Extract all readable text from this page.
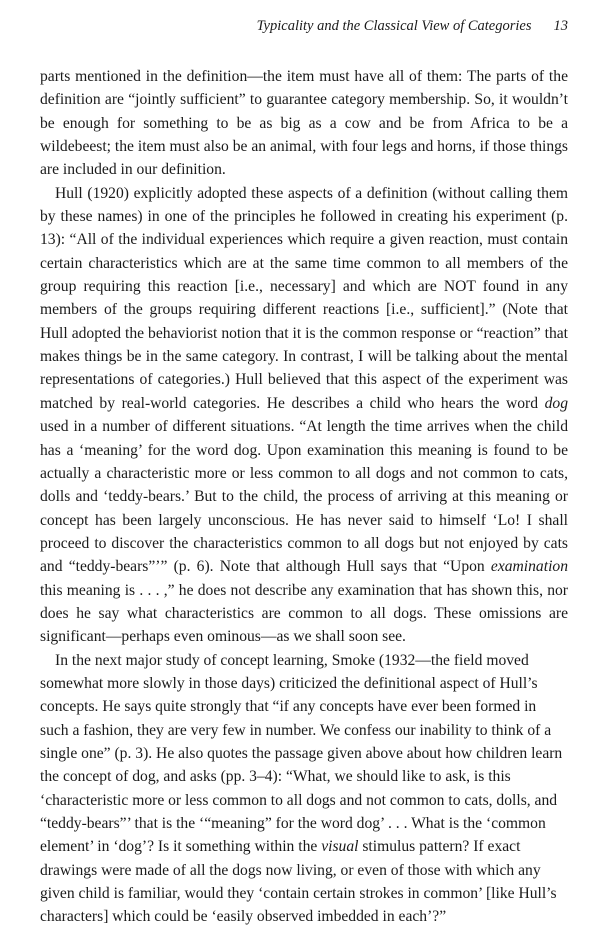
Typicality and the Classical View of Categories 13

parts mentioned in the definition—the item must have all of them: The parts of the definition are “jointly sufficient” to guarantee category membership. So, it wouldn’t be enough for something to be as big as a cow and be from Africa to be a wildebeest; the item must also be an animal, with four legs and horns, if those things are included in our definition.

Hull (1920) explicitly adopted these aspects of a definition (without calling them by these names) in one of the principles he followed in creating his experiment (p. 13): “All of the individual experiences which require a given reaction, must contain certain characteristics which are at the same time common to all members of the group requiring this reaction [i.e., necessary] and which are NOT found in any members of the groups requiring different reactions [i.e., sufficient].” (Note that Hull adopted the behaviorist notion that it is the common response or “reaction” that makes things be in the same category. In contrast, I will be talking about the mental representations of categories.) Hull believed that this aspect of the experiment was matched by real-world categories. He describes a child who hears the word dog used in a number of different situations. “At length the time arrives when the child has a ‘meaning’ for the word dog. Upon examination this meaning is found to be actually a characteristic more or less common to all dogs and not common to cats, dolls and ‘teddy-bears.’ But to the child, the process of arriving at this meaning or concept has been largely unconscious. He has never said to himself ‘Lo! I shall proceed to discover the characteristics common to all dogs but not enjoyed by cats and “teddy-bears”’” (p. 6). Note that although Hull says that “Upon examination this meaning is . . . ,” he does not describe any examination that has shown this, nor does he say what characteristics are common to all dogs. These omissions are significant—perhaps even ominous—as we shall soon see.

In the next major study of concept learning, Smoke (1932—the field moved somewhat more slowly in those days) criticized the definitional aspect of Hull’s concepts. He says quite strongly that “if any concepts have ever been formed in such a fashion, they are very few in number. We confess our inability to think of a single one” (p. 3). He also quotes the passage given above about how children learn the concept of dog, and asks (pp. 3–4): “What, we should like to ask, is this ‘characteristic more or less common to all dogs and not common to cats, dolls, and “teddy-bears”’ that is the ‘“meaning” for the word dog’ . . . What is the ‘common element’ in ‘dog’? Is it something within the visual stimulus pattern? If exact drawings were made of all the dogs now living, or even of those with which any given child is familiar, would they ‘contain certain strokes in common’ [like Hull’s characters] which could be ‘easily observed imbedded in each’?”
